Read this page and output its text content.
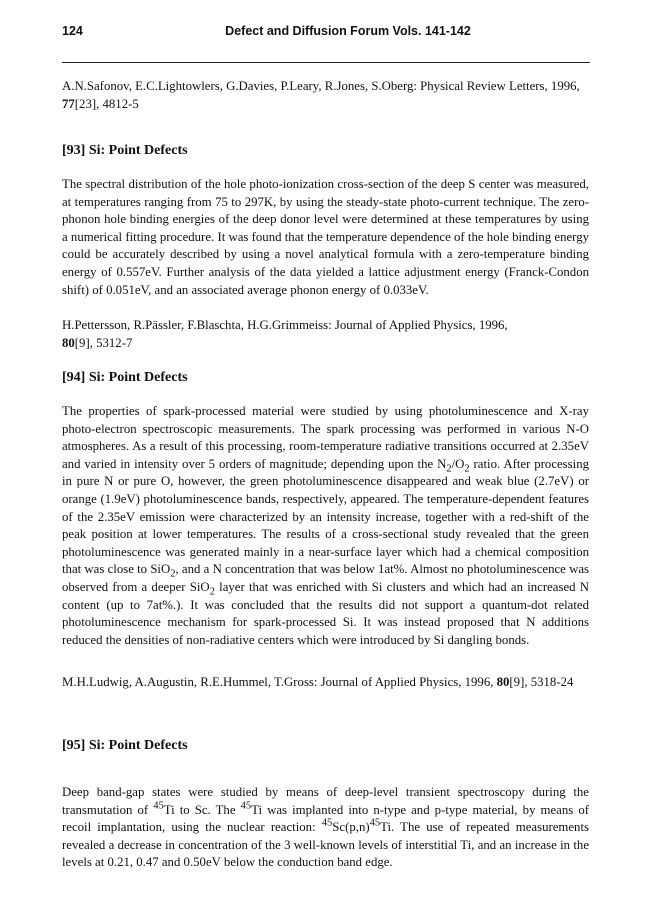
124	Defect and Diffusion Forum Vols. 141-142
A.N.Safonov, E.C.Lightowlers, G.Davies, P.Leary, R.Jones, S.Oberg: Physical Review Letters, 1996, 77[23], 4812-5
[93] Si: Point Defects
The spectral distribution of the hole photo-ionization cross-section of the deep S center was measured, at temperatures ranging from 75 to 297K, by using the steady-state photo-current technique. The zero-phonon hole binding energies of the deep donor level were determined at these temperatures by using a numerical fitting procedure. It was found that the temperature dependence of the hole binding energy could be accurately described by using a novel analytical formula with a zero-temperature binding energy of 0.557eV. Further analysis of the data yielded a lattice adjustment energy (Franck-Condon shift) of 0.051eV, and an associated average phonon energy of 0.033eV.
H.Pettersson, R.Pässler, F.Blaschta, H.G.Grimmeiss: Journal of Applied Physics, 1996,
80[9], 5312-7
[94] Si: Point Defects
The properties of spark-processed material were studied by using photoluminescence and X-ray photo-electron spectroscopic measurements. The spark processing was performed in various N-O atmospheres. As a result of this processing, room-temperature radiative transitions occurred at 2.35eV and varied in intensity over 5 orders of magnitude; depending upon the $N_2/O_2$ ratio. After processing in pure N or pure O, however, the green photoluminescence disappeared and weak blue (2.7eV) or orange (1.9eV) photoluminescence bands, respectively, appeared. The temperature-dependent features of the 2.35eV emission were characterized by an intensity increase, together with a red-shift of the peak position at lower temperatures. The results of a cross-sectional study revealed that the green photoluminescence was generated mainly in a near-surface layer which had a chemical composition that was close to SiO$_2$, and a N concentration that was below 1at%. Almost no photoluminescence was observed from a deeper SiO$_2$ layer that was enriched with Si clusters and which had an increased N content (up to 7at%.). It was concluded that the results did not support a quantum-dot related photoluminescence mechanism for spark-processed Si. It was instead proposed that N additions reduced the densities of non-radiative centers which were introduced by Si dangling bonds.
M.H.Ludwig, A.Augustin, R.E.Hummel, T.Gross: Journal of Applied Physics, 1996, 80[9], 5318-24
[95] Si: Point Defects
Deep band-gap states were studied by means of deep-level transient spectroscopy during the transmutation of $^{45}$Ti to Sc. The $^{45}$Ti was implanted into n-type and p-type material, by means of recoil implantation, using the nuclear reaction: $^{45}Sc(p,n)^{45}Ti$. The use of repeated measurements revealed a decrease in concentration of the 3 well-known levels of interstitial Ti, and an increase in the levels at 0.21, 0.47 and 0.50eV below the conduction band edge.
